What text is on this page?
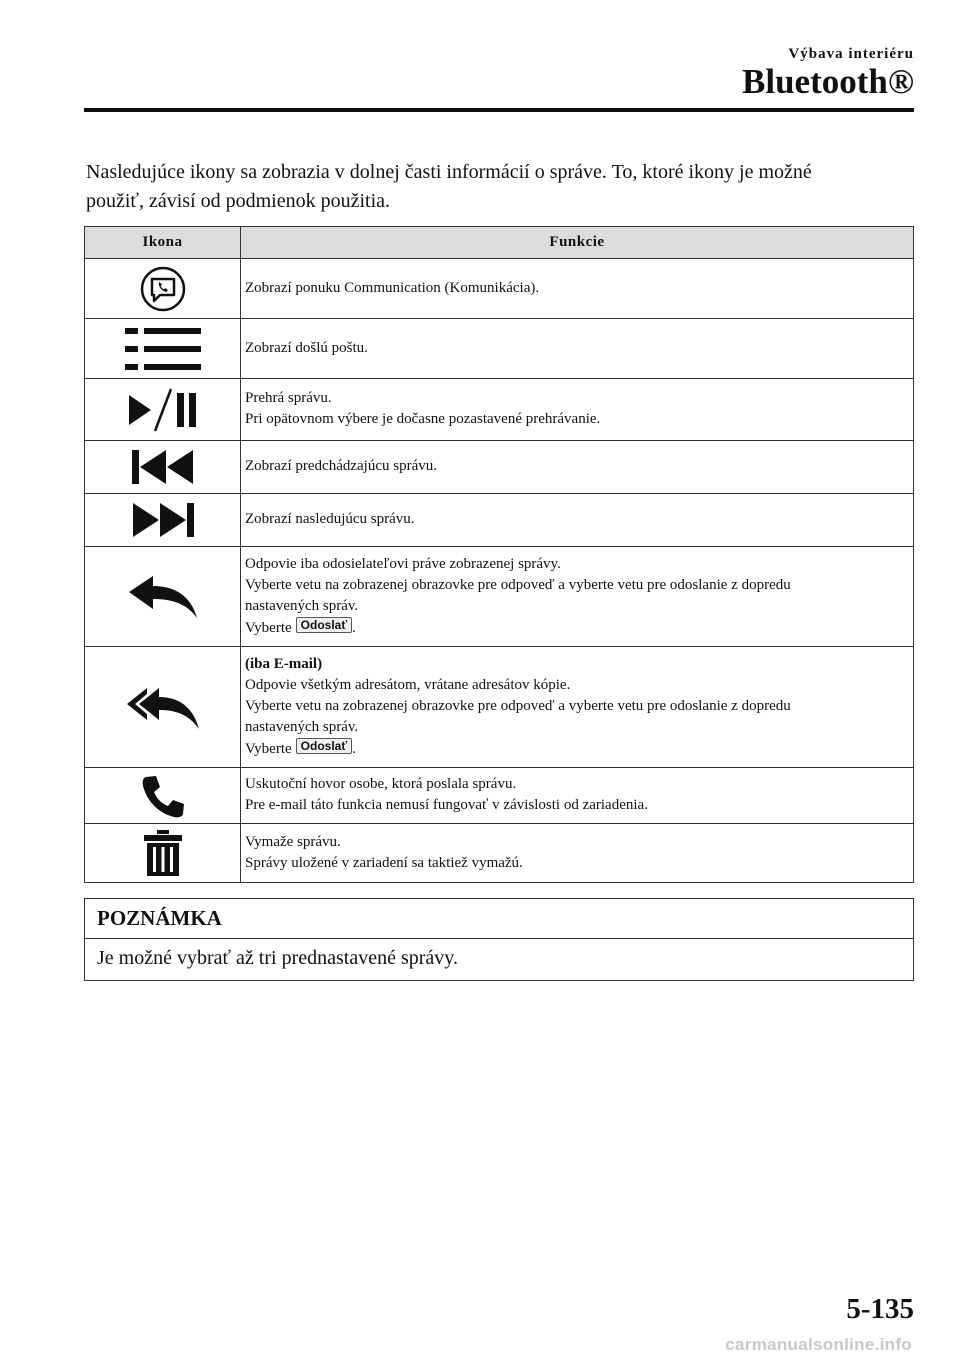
Výbava interiéru
Bluetooth®

Nasledujúce ikony sa zobrazia v dolnej časti informácií o správe. To, ktoré ikony je možné

použiť, závisí od podmienok použitia.

Ikona	Funkcie

Zobrazí ponuku Communication (Komunikácia).

Zobrazí došlú poštu.

Prehrá správu.
Pri opätovnom výbere je dočasne pozastavené prehrávanie.

Zobrazí predchádzajúcu správu.

Zobrazí nasledujúcu správu.

Odpovie iba odosielateľovi práve zobrazenej správy.
Vyberte vetu na zobrazenej obrazovke pre odpoveď a vyberte vetu pre odoslanie z dopredu
nastavených správ.
Vyberte Odoslať .

(iba E-mail)
Odpovie všetkým adresátom, vrátane adresátov kópie.
Vyberte vetu na zobrazenej obrazovke pre odpoveď a vyberte vetu pre odoslanie z dopredu
nastavených správ.
Vyberte Odoslať .

Uskutoční hovor osobe, ktorá poslala správu.
Pre e-mail táto funkcia nemusí fungovať v závislosti od zariadenia.

Vymaže správu.
Správy uložené v zariadení sa taktiež vymažú.
POZNÁMKA
Je možné vybrať až tri prednastavené správy.
5-135
carmanualsonline.info
